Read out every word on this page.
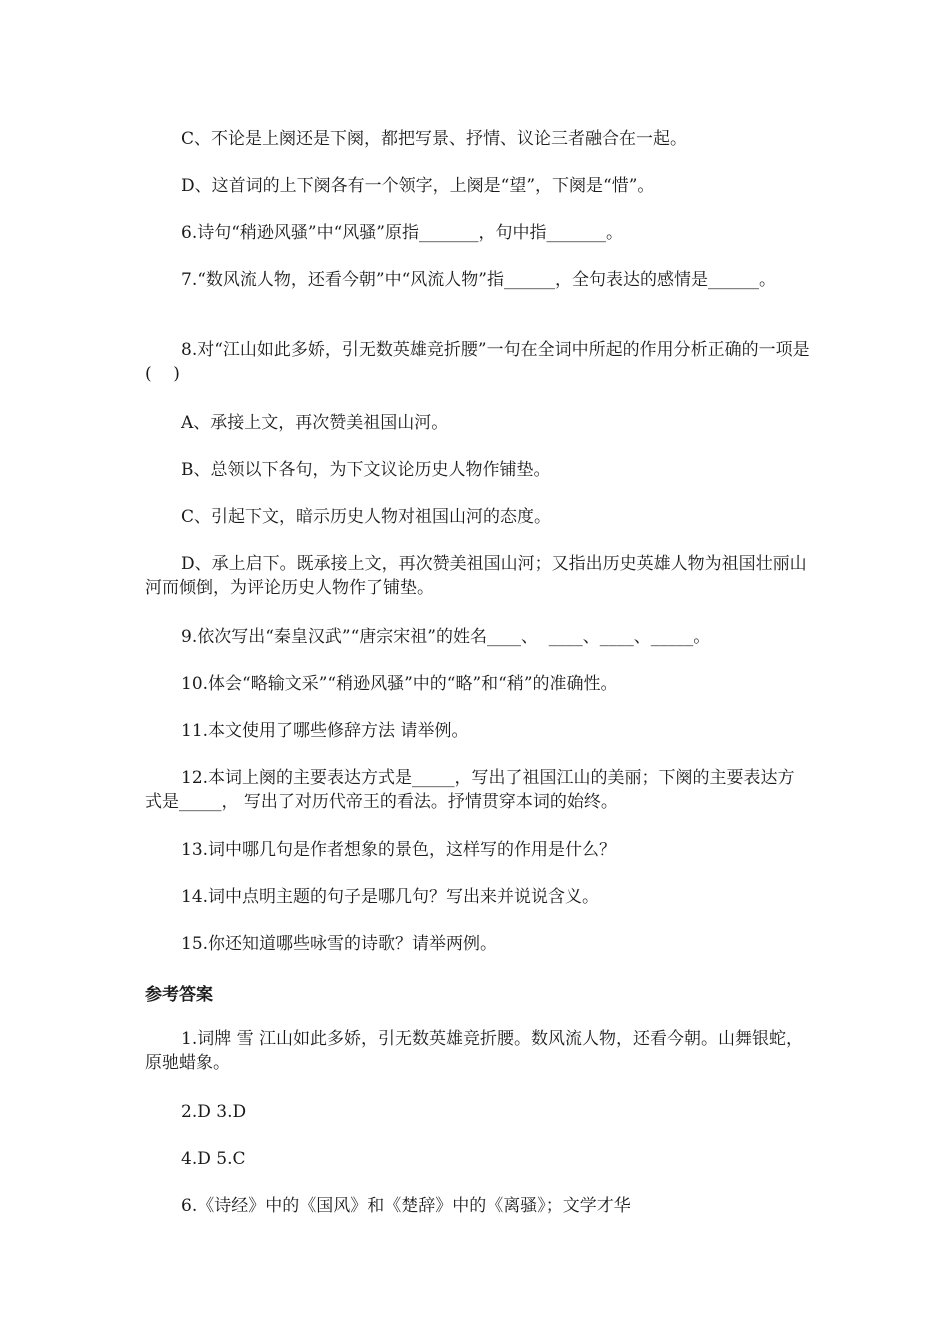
C、不论是上阕还是下阕，都把写景、抒情、议论三者融合在一起。

D、这首词的上下阕各有一个领字，上阕是“望”，下阕是“惜”。

6.诗句“稍逊风骚”中“风骚”原指_______，句中指_______。

7.“数风流人物，还看今朝”中“风流人物”指______，全句表达的感情是______。

8.对“江山如此多娇，引无数英雄竞折腰”一句在全词中所起的作用分析正确的一项是(    )

A、承接上文，再次赞美祖国山河。

B、总领以下各句，为下文议论历史人物作铺垫。

C、引起下文，暗示历史人物对祖国山河的态度。

D、承上启下。既承接上文，再次赞美祖国山河；又指出历史英雄人物为祖国壮丽山河而倾倒，为评论历史人物作了铺垫。

9.依次写出“秦皇汉武”“唐宗宋祖”的姓名____、  ____、____、_____。

10.体会“略输文采”“稍逊风骚”中的“略”和“稍”的准确性。

11.本文使用了哪些修辞方法 请举例。

12.本词上阕的主要表达方式是_____，写出了祖国江山的美丽；下阕的主要表达方式是_____， 写出了对历代帝王的看法。抒情贯穿本词的始终。

13.词中哪几句是作者想象的景色，这样写的作用是什么？

14.词中点明主题的句子是哪几句？写出来并说说含义。

15.你还知道哪些咏雪的诗歌？请举两例。

参考答案

1.词牌 雪 江山如此多娇，引无数英雄竞折腰。数风流人物，还看今朝。山舞银蛇，原驰蜡象。

2.D 3.D

4.D 5.C

6.《诗经》中的《国风》和《楚辞》中的《离骚》；文学才华
